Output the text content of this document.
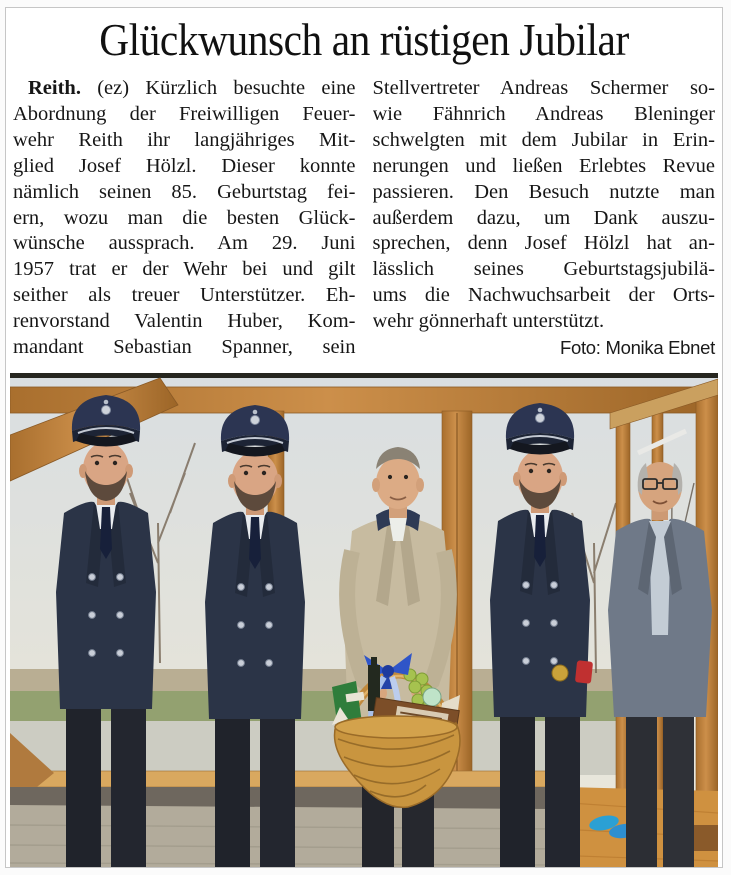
Glückwunsch an rüstigen Jubilar
Reith. (ez) Kürzlich besuchte eine
Abordnung der Freiwilligen Feuer-
wehr Reith ihr langjähriges Mit-
glied Josef Hölzl. Dieser konnte
nämlich seinen 85. Geburtstag fei-
ern, wozu man die besten Glück-
wünsche aussprach. Am 29. Juni
1957 trat er der Wehr bei und gilt
seither als treuer Unterstützer. Eh-
renvorstand Valentin Huber, Kom-
mandant Sebastian Spanner, sein
Stellvertreter Andreas Schermer so-
wie Fähnrich Andreas Bleninger
schwelgten mit dem Jubilar in Erin-
nerungen und ließen Erlebtes Revue
passieren. Den Besuch nutzte man
außerdem dazu, um Dank auszu-
sprechen, denn Josef Hölzl hat an-
lässlich seines Geburtstagsjubilä-
ums die Nachwuchsarbeit der Orts-
wehr gönnerhaft unterstützt.
Foto: Monika Ebnet
